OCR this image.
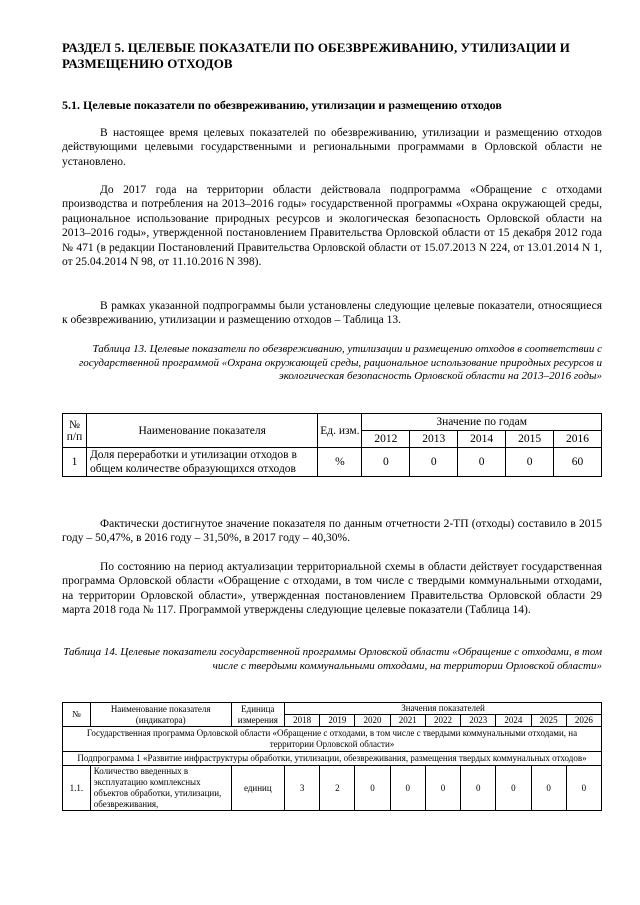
РАЗДЕЛ 5. ЦЕЛЕВЫЕ ПОКАЗАТЕЛИ ПО ОБЕЗВРЕЖИВАНИЮ, УТИЛИЗАЦИИ И РАЗМЕЩЕНИЮ ОТХОДОВ
5.1. Целевые показатели по обезвреживанию, утилизации и размещению отходов

В настоящее время целевых показателей по обезвреживанию, утилизации и размещению отходов действующими целевыми государственными и региональными программами в Орловской области не установлено.

До 2017 года на территории области действовала подпрограмма «Обращение с отходами производства и потребления на 2013–2016 годы» государственной программы «Охрана окружающей среды, рациональное использование природных ресурсов и экологическая безопасность Орловской области на 2013–2016 годы», утвержденной постановлением Правительства Орловской области от 15 декабря 2012 года № 471 (в редакции Постановлений Правительства Орловской области от 15.07.2013 N 224, от 13.01.2014 N 1, от 25.04.2014 N 98, от 11.10.2016 N 398).

В рамках указанной подпрограммы были установлены следующие целевые показатели, относящиеся к обезвреживанию, утилизации и размещению отходов – Таблица 13.

Таблица 13. Целевые показатели по обезвреживанию, утилизации и размещению отходов в соответствии с государственной программой «Охрана окружающей среды, рациональное использование природных ресурсов и экологическая безопасность Орловской области на 2013–2016 годы»

№ п/п	Наименование показателя	Ед. изм.	Значение по годам				
			2012	2013	2014	2015	2016
1	Доля переработки и утилизации отходов в общем количестве образующихся отходов	%	0	0	0	0	60

Фактически достигнутое значение показателя по данным отчетности 2-ТП (отходы) составило в 2015 году – 50,47%, в 2016 году – 31,50%, в 2017 году – 40,30%.

По состоянию на период актуализации территориальной схемы в области действует государственная программа Орловской области «Обращение с отходами, в том числе с твердыми коммунальными отходами, на территории Орловской области», утвержденная постановлением Правительства Орловской области 29 марта 2018 года № 117. Программой утверждены следующие целевые показатели (Таблица 14).

Таблица 14. Целевые показатели государственной программы Орловской области «Обращение с отходами, в том числе с твердыми коммунальными отходами, на территории Орловской области»

№	Наименование показателя (индикатора)	Единица измерения	Значения показателей								
			2018	2019	2020	2021	2022	2023	2024	2025	2026
Государственная программа Орловской области «Обращение с отходами, в том числе с твердыми коммунальными отходами, на территории Орловской области»											
Подпрограмма 1 «Развитие инфраструктуры обработки, утилизации, обезвреживания, размещения твердых коммунальных отходов»											
1.1.	Количество введенных в эксплуатацию комплексных объектов обработки, утилизации, обезвреживания,	единиц	3	2	0	0	0	0	0	0	0
